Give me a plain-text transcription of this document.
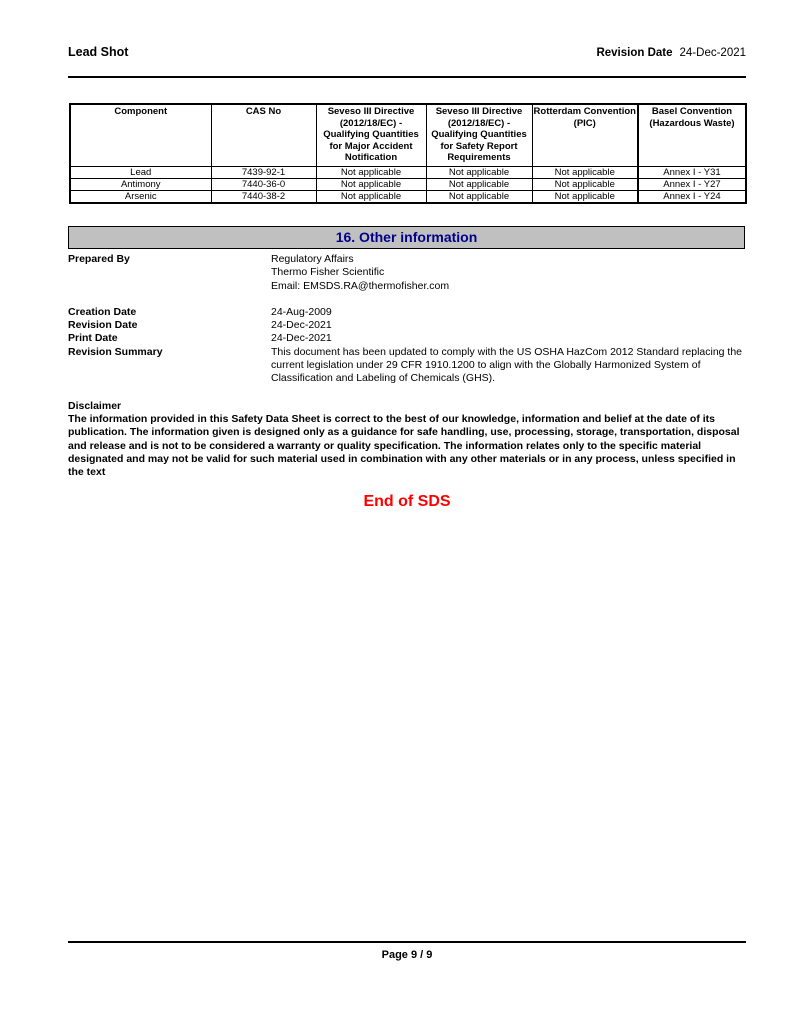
Lead Shot	Revision Date 24-Dec-2021
Component	CAS No	Seveso III Directive (2012/18/EC) - Qualifying Quantities for Major Accident Notification	Seveso III Directive (2012/18/EC) - Qualifying Quantities for Safety Report Requirements	Rotterdam Convention (PIC)	Basel Convention (Hazardous Waste)
Lead	7439-92-1	Not applicable	Not applicable	Not applicable	Annex I - Y31
Antimony	7440-36-0	Not applicable	Not applicable	Not applicable	Annex I - Y27
Arsenic	7440-38-2	Not applicable	Not applicable	Not applicable	Annex I - Y24
16. Other information
Prepared By	Regulatory Affairs
Thermo Fisher Scientific
Email: EMSDS.RA@thermofisher.com
Creation Date	24-Aug-2009
Revision Date	24-Dec-2021
Print Date	24-Dec-2021
Revision Summary	This document has been updated to comply with the US OSHA HazCom 2012 Standard replacing the current legislation under 29 CFR 1910.1200 to align with the Globally Harmonized System of Classification and Labeling of Chemicals (GHS).
Disclaimer
The information provided in this Safety Data Sheet is correct to the best of our knowledge, information and belief at the date of its publication. The information given is designed only as a guidance for safe handling, use, processing, storage, transportation, disposal and release and is not to be considered a warranty or quality specification. The information relates only to the specific material designated and may not be valid for such material used in combination with any other materials or in any process, unless specified in the text
End of SDS
Page 9 / 9
